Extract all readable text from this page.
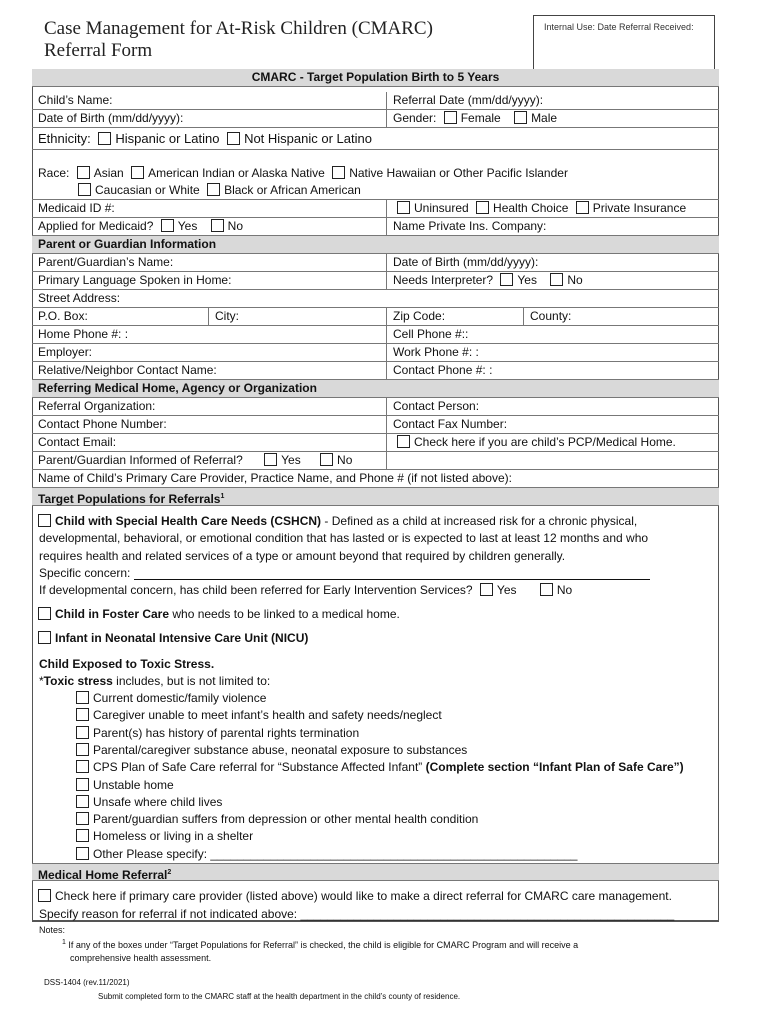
Case Management for At-Risk Children (CMARC)
Referral Form
Internal Use: Date Referral Received:
CMARC - Target Population Birth to 5 Years
Child’s Name:	Referral Date (mm/dd/yyyy):
Date of Birth (mm/dd/yyyy):	Gender: Female	Male
Ethnicity: Hispanic or Latino Not Hispanic or Latino
Race: Asian American Indian or Alaska Native Native Hawaiian or Other Pacific Islander
Caucasian or White Black or African American
Medicaid ID #:	Uninsured Health Choice Private Insurance
Applied for Medicaid? Yes	No	Name Private Ins. Company:
Parent or Guardian Information
Parent/Guardian’s Name:	Date of Birth (mm/dd/yyyy):
Primary Language Spoken in Home:	Needs Interpreter? Yes	No
Street Address:
P.O. Box:	City:	Zip Code:	County:
Home Phone #: :	Cell Phone #::
Employer:	Work Phone #: :
Relative/Neighbor Contact Name:	Contact Phone #: :
Referring Medical Home, Agency or Organization
Referral Organization:	Contact Person:
Contact Phone Number:	Contact Fax Number:
Contact Email:	Check here if you are child’s PCP/Medical Home.
Parent/Guardian Informed of Referral?	Yes	No
Name of Child’s Primary Care Provider, Practice Name, and Phone # (if not listed above):
Target Populations for Referrals$^1$
Child with Special Health Care Needs (CSHCN) - Defined as a child at increased risk for a chronic physical,
developmental, behavioral, or emotional condition that has lasted or is expected to last at least 12 months and who
requires health and related services of a type or amount beyond that required by children generally.
Specific concern:
If developmental concern, has child been referred for Early Intervention Services? Yes	No
Child in Foster Care who needs to be linked to a medical home.
Infant in Neonatal Intensive Care Unit (NICU)
Child Exposed to Toxic Stress.
*Toxic stress includes, but is not limited to:
Current domestic/family violence
Caregiver unable to meet infant’s health and safety needs/neglect
Parent(s) has history of parental rights termination
Parental/caregiver substance abuse, neonatal exposure to substances
CPS Plan of Safe Care referral for “Substance Affected Infant” (Complete section “Infant Plan of Safe Care”)
Unstable home
Unsafe where child lives
Parent/guardian suffers from depression or other mental health condition
Homeless or living in a shelter
Other Please specify: _______________________________________________________
Medical Home Referral$^2$
Check here if primary care provider (listed above) would like to make a direct referral for CMARC care management.
Specify reason for referral if not indicated above: ________________________________________________________
Notes:
$^1$ If any of the boxes under “Target Populations for Referral” is checked, the child is eligible for CMARC Program and will receive a
comprehensive health assessment.
DSS-1404 (rev.11/2021)
Submit completed form to the CMARC staff at the health department in the child’s county of residence.
